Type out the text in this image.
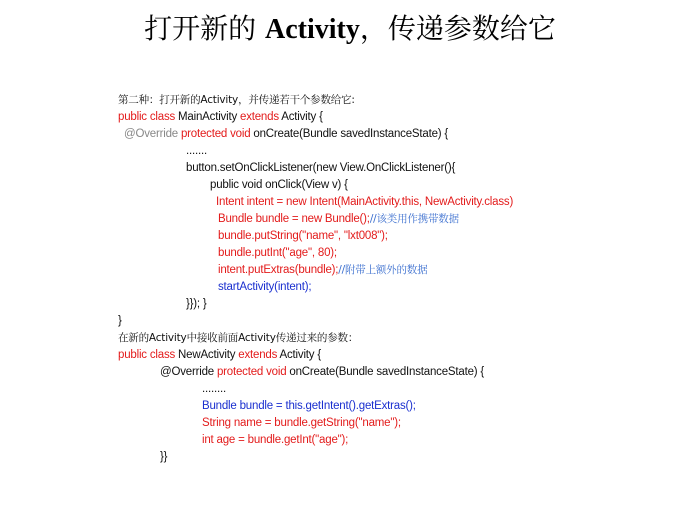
打开新的 Activity，传递参数给它
第二种：打开新的Activity，并传递若干个参数给它:
public class MainActivity extends Activity {
@Override protected void onCreate(Bundle savedInstanceState) {
.......
button.setOnClickListener(new View.OnClickListener(){
public void onClick(View v) {
Intent intent = new Intent(MainActivity.this, NewActivity.class)
Bundle bundle = new Bundle();//该类用作携带数据
bundle.putString("name", "lxt008");
bundle.putInt("age", 80);
intent.putExtras(bundle);//附带上额外的数据
startActivity(intent);
}}); }
}
在新的Activity中接收前面Activity传递过来的参数：
public class NewActivity extends Activity {
@Override protected void onCreate(Bundle savedInstanceState) {
........
Bundle bundle = this.getIntent().getExtras();
String name = bundle.getString("name");
int age = bundle.getInt("age");
}}
